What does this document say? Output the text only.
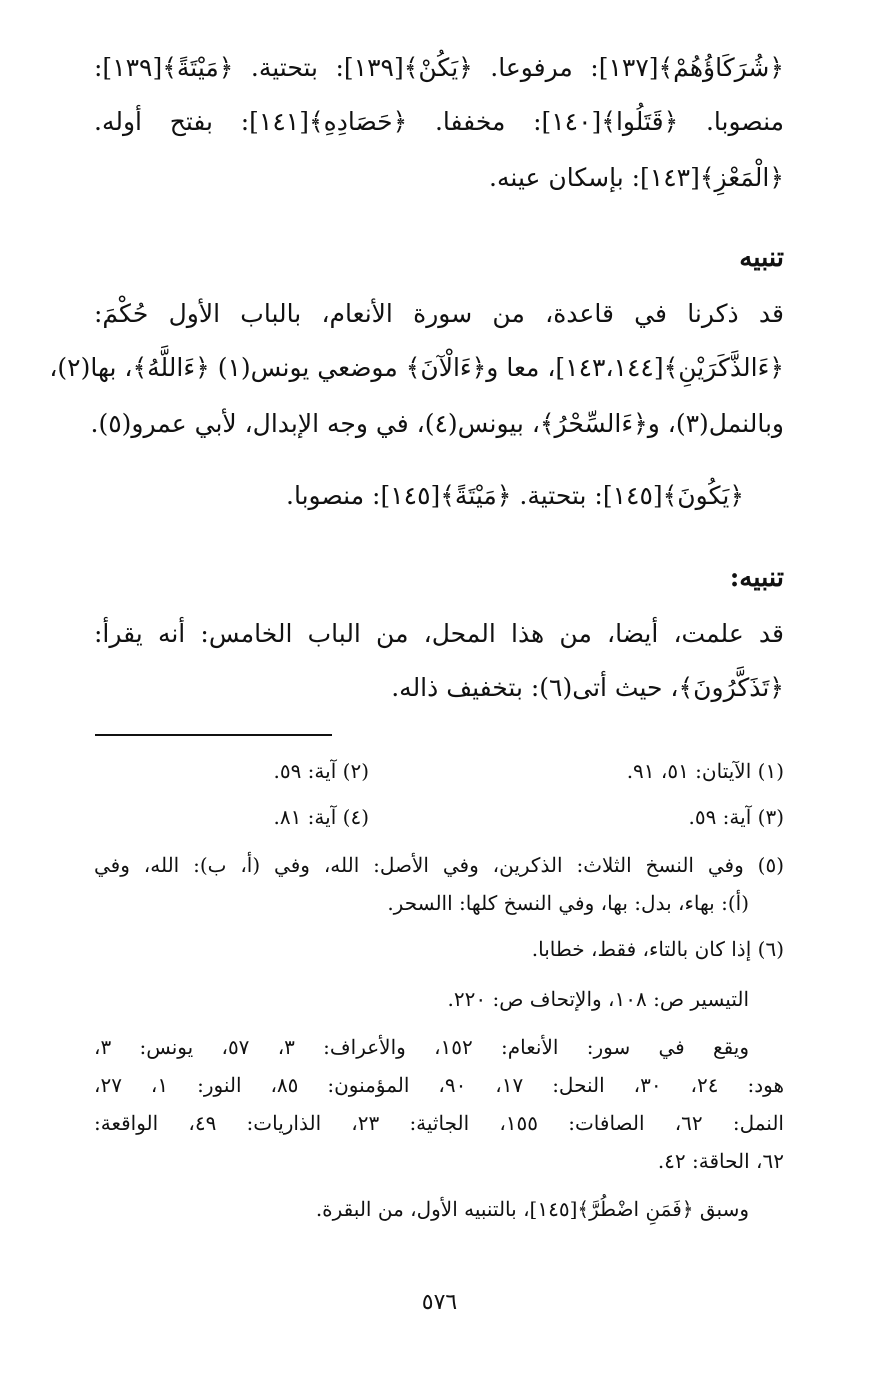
﴿شُرَكَاؤُهُمْ﴾[١٣٧]: مرفوعا. ﴿يَكُنْ﴾[١٣٩]: بتحتية. ﴿مَيْتَةً﴾[١٣٩]:
منصوبا. ﴿قَتَلُوا﴾[١٤٠]: مخففا. ﴿حَصَادِهِ﴾[١٤١]: بفتح أوله.
﴿الْمَعْزِ﴾[١٤٣]: بإسكان عينه.
تنبيه
قد ذكرنا في قاعدة، من سورة الأنعام، بالباب الأول حُكْمَ:
﴿ءَالذَّكَرَيْنِ﴾[١٤٣،١٤٤]، معا و﴿ءَالْآنَ﴾ موضعي يونس(١) ﴿ءَاللَّهُ﴾، بها(٢)،
وبالنمل(٣)، و﴿ءَالسِّحْرُ﴾، بيونس(٤)، في وجه الإبدال، لأبي عمرو(٥).
﴿يَكُونَ﴾[١٤٥]: بتحتية. ﴿مَيْتَةً﴾[١٤٥]: منصوبا.
تنبيه:
قد علمت، أيضا، من هذا المحل، من الباب الخامس: أنه يقرأ:
﴿تَذَكَّرُونَ﴾، حيث أتى(٦): بتخفيف ذاله.
(١) الآيتان: ٥١، ٩١.
(٢) آية: ٥٩.
(٣) آية: ٥٩.
(٤) آية: ٨١.
(٥) وفي النسخ الثلاث: الذكرين، وفي الأصل: الله، وفي (أ، ب): الله، وفي
(أ): بهاء، بدل: بها، وفي النسخ كلها: االسحر.
(٦) إذا كان بالتاء، فقط، خطابا.
التيسير ص: ١٠٨، والإتحاف ص: ٢٢٠.
ويقع في سور: الأنعام: ١٥٢، والأعراف: ٣، ٥٧، يونس: ٣،
هود: ٢٤، ٣٠، النحل: ١٧، ٩٠، المؤمنون: ٨٥، النور: ١، ٢٧،
النمل: ٦٢، الصافات: ١٥٥، الجاثية: ٢٣، الذاريات: ٤٩، الواقعة:
٦٢، الحاقة: ٤٢.
وسبق ﴿فَمَنِ اضْطُرَّ﴾[١٤٥]، بالتنبيه الأول، من البقرة.
٥٧٦
